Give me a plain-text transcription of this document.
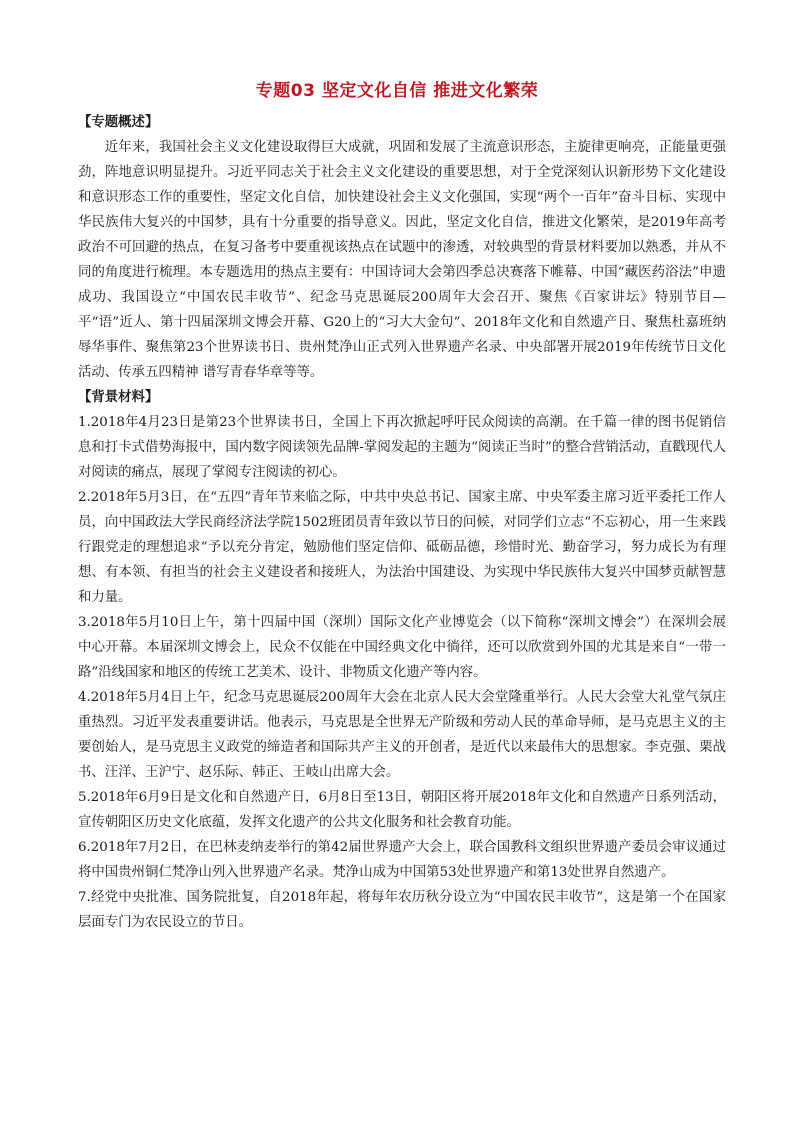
专题03 坚定文化自信 推进文化繁荣

【专题概述】

近年来，我国社会主义文化建设取得巨大成就，巩固和发展了主流意识形态，主旋律更响亮，正能量更强劲，阵地意识明显提升。习近平同志关于社会主义文化建设的重要思想，对于全党深刻认识新形势下文化建设和意识形态工作的重要性，坚定文化自信，加快建设社会主义文化强国，实现“两个一百年”奋斗目标、实现中华民族伟大复兴的中国梦，具有十分重要的指导意义。因此，坚定文化自信，推进文化繁荣，是2019年高考政治不可回避的热点，在复习备考中要重视该热点在试题中的渗透，对较典型的背景材料要加以熟悉，并从不同的角度进行梳理。本专题选用的热点主要有：中国诗词大会第四季总决赛落下帷幕、中国“藏医药浴法”申遗成功、我国设立“中国农民丰收节”、纪念马克思诞辰200周年大会召开、聚焦《百家讲坛》特别节目—平“语”近人、第十四届深圳文博会开幕、G20上的“习大大金句”、2018年文化和自然遗产日、聚焦杜嘉班纳辱华事件、聚焦第23个世界读书日、贵州梵净山正式列入世界遗产名录、中央部署开展2019年传统节日文化活动、传承五四精神 谱写青春华章等等。

【背景材料】

1.2018年4月23日是第23个世界读书日，全国上下再次掀起呼吁民众阅读的高潮。在千篇一律的图书促销信息和打卡式借势海报中，国内数字阅读领先品牌-掌阅发起的主题为“阅读正当时”的整合营销活动，直戳现代人对阅读的痛点，展现了掌阅专注阅读的初心。

2.2018年5月3日，在“五四”青年节来临之际，中共中央总书记、国家主席、中央军委主席习近平委托工作人员，向中国政法大学民商经济法学院1502班团员青年致以节日的问候，对同学们立志“不忘初心，用一生来践行跟党走的理想追求”予以充分肯定，勉励他们坚定信仰、砥砺品德，珍惜时光、勤奋学习，努力成长为有理想、有本领、有担当的社会主义建设者和接班人，为法治中国建设、为实现中华民族伟大复兴中国梦贡献智慧和力量。

3.2018年5月10日上午，第十四届中国（深圳）国际文化产业博览会（以下简称“深圳文博会”）在深圳会展中心开幕。本届深圳文博会上，民众不仅能在中国经典文化中徜徉，还可以欣赏到外国的尤其是来自“一带一路”沿线国家和地区的传统工艺美术、设计、非物质文化遗产等内容。

4.2018年5月4日上午，纪念马克思诞辰200周年大会在北京人民大会堂隆重举行。人民大会堂大礼堂气氛庄重热烈。习近平发表重要讲话。他表示，马克思是全世界无产阶级和劳动人民的革命导师，是马克思主义的主要创始人，是马克思主义政党的缔造者和国际共产主义的开创者，是近代以来最伟大的思想家。李克强、栗战书、汪洋、王沪宁、赵乐际、韩正、王岐山出席大会。

5.2018年6月9日是文化和自然遗产日，6月8日至13日，朝阳区将开展2018年文化和自然遗产日系列活动，宣传朝阳区历史文化底蕴，发挥文化遗产的公共文化服务和社会教育功能。

6.2018年7月2日，在巴林麦纳麦举行的第42届世界遗产大会上，联合国教科文组织世界遗产委员会审议通过将中国贵州铜仁梵净山列入世界遗产名录。梵净山成为中国第53处世界遗产和第13处世界自然遗产。

7.经党中央批准、国务院批复，自2018年起，将每年农历秋分设立为“中国农民丰收节”，这是第一个在国家层面专门为农民设立的节日。
